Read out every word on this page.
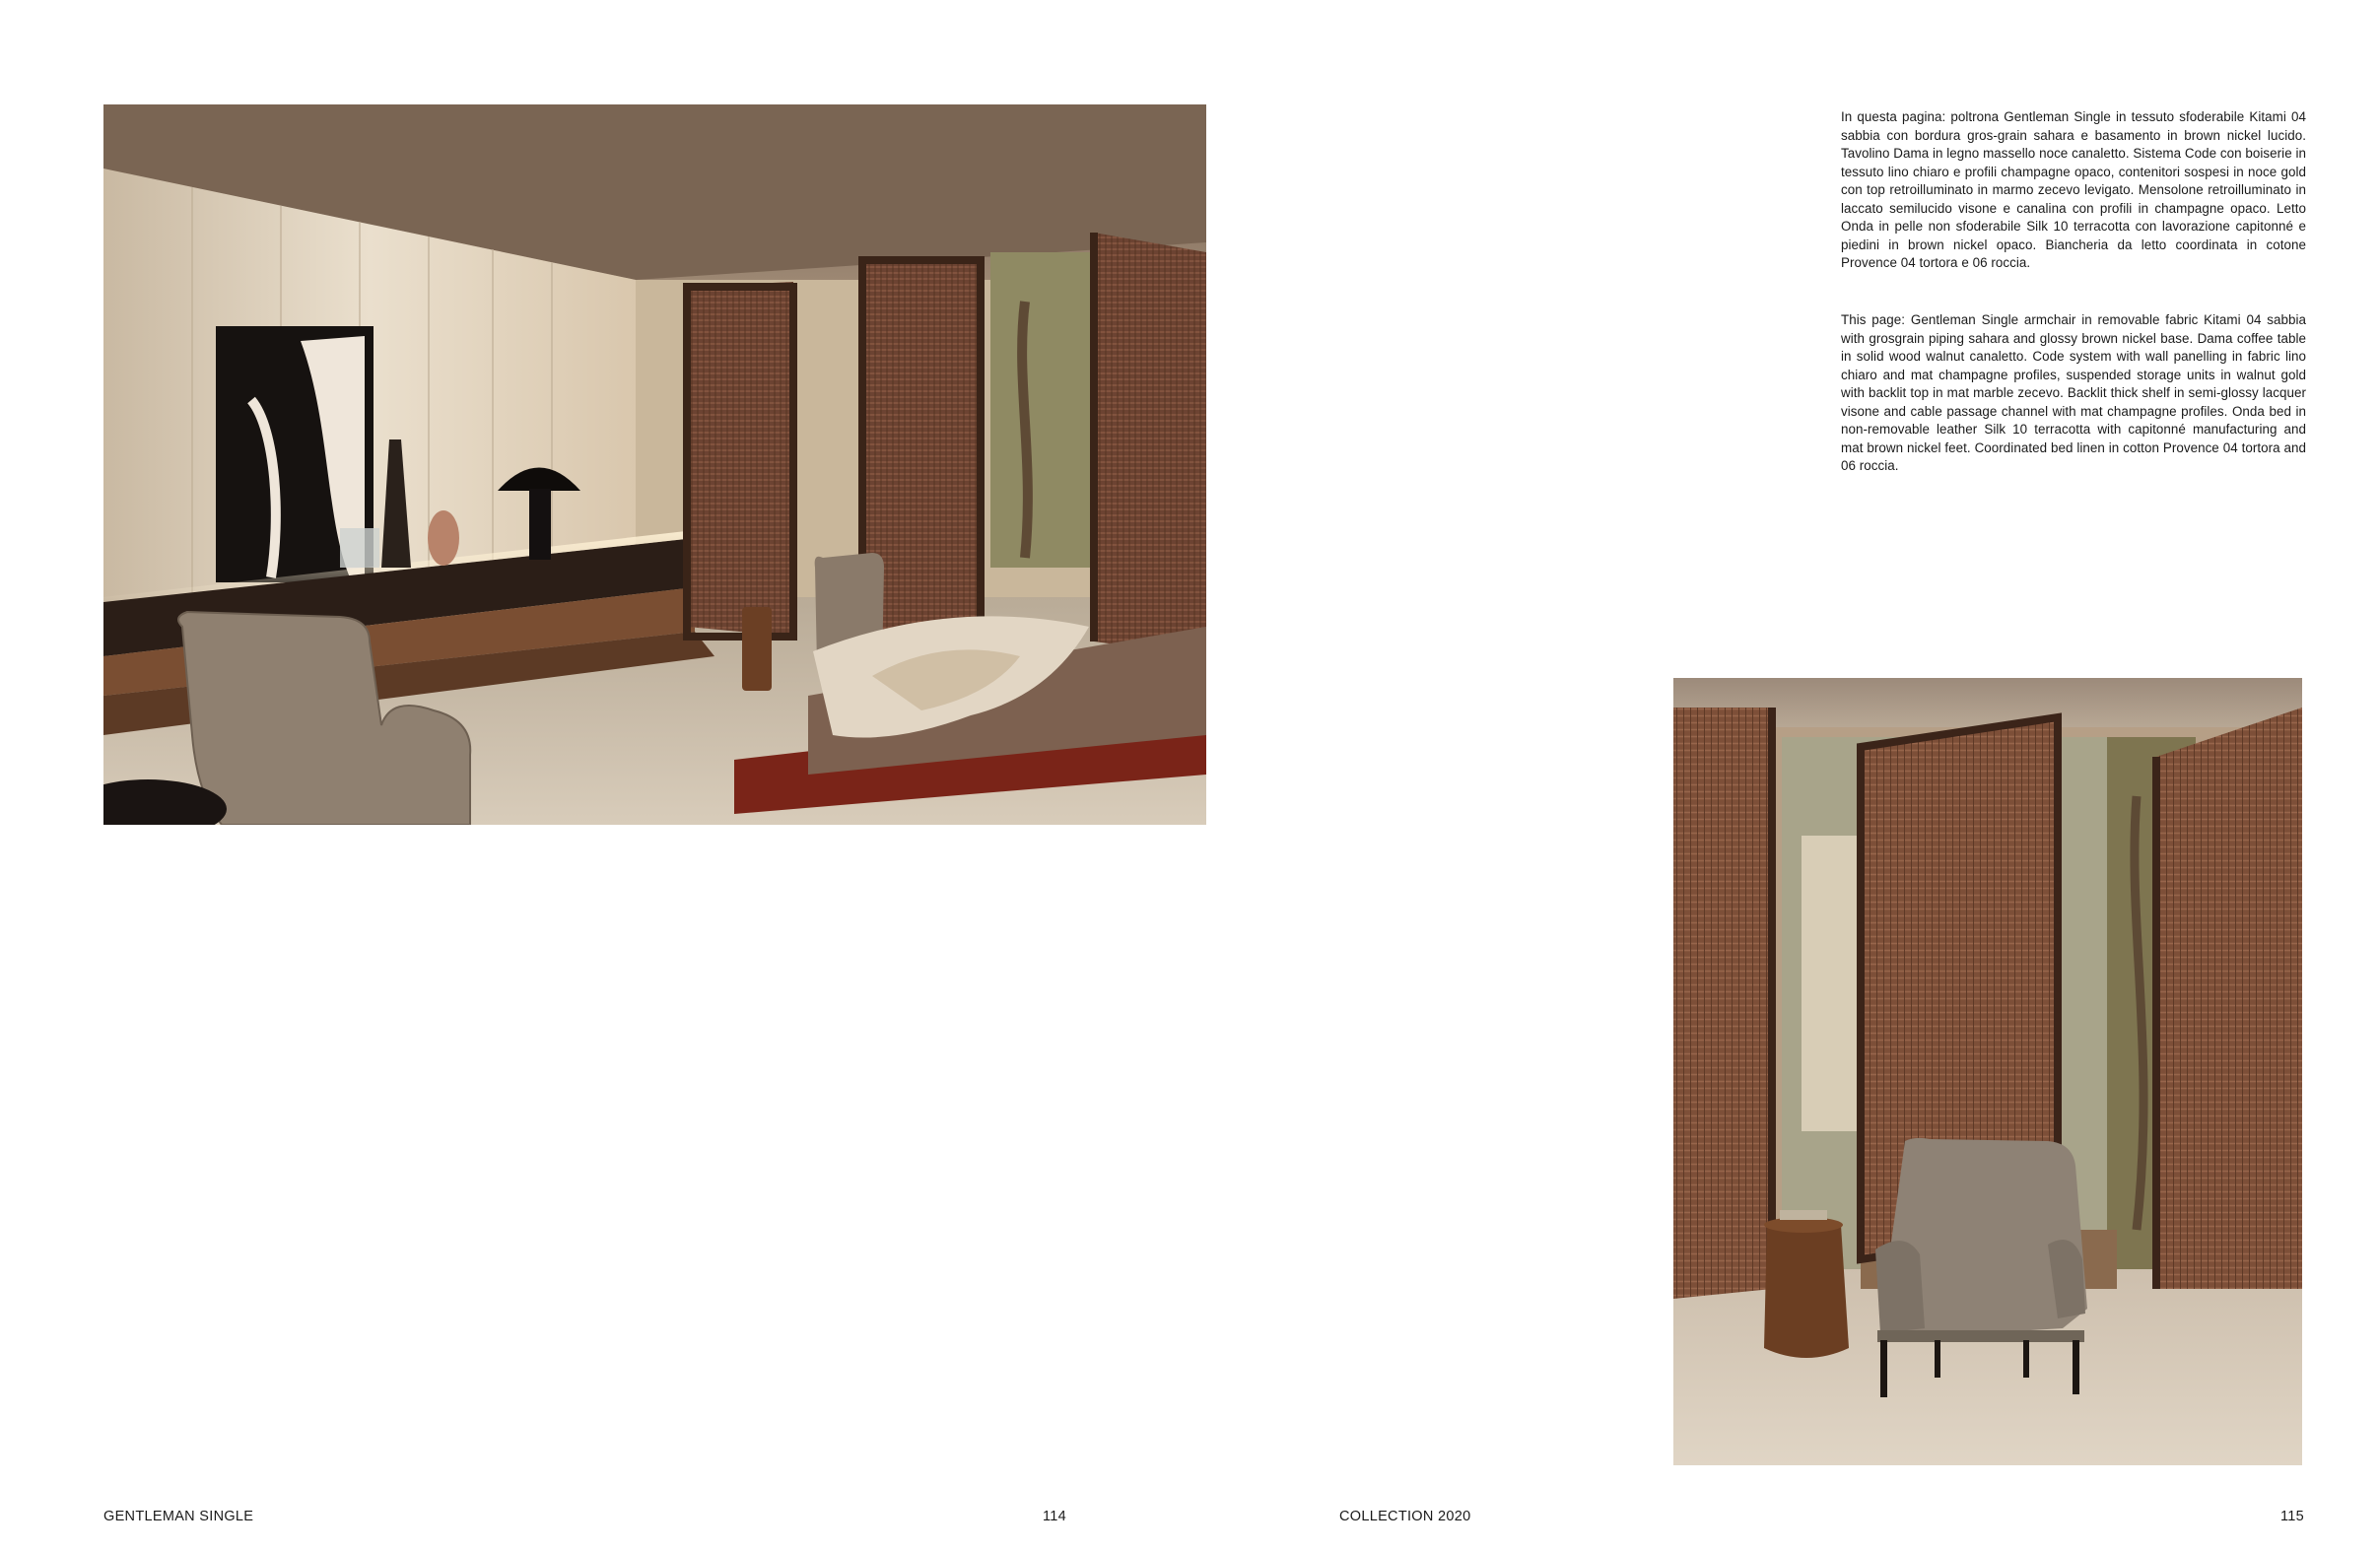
In questa pagina: poltrona Gentleman Single in tessuto sfoderabile Kitami 04 sabbia con bordura gros-grain sahara e basamento in brown nickel lucido. Tavolino Dama in legno massello noce canaletto. Sistema Code con boiserie in tessuto lino chiaro e profili champagne opaco, contenitori sospesi in noce gold con top retroilluminato in marmo zecevo levigato. Mensolone retroilluminato in laccato semilucido visone e canalina con profili in champagne opaco. Letto Onda in pelle non sfoderabile Silk 10 terracotta con lavorazione capitonné e piedini in brown nickel opaco. Biancheria da letto coordinata in cotone Provence 04 tortora e 06 roccia.

This page: Gentleman Single armchair in removable fabric Kitami 04 sabbia with grosgrain piping sahara and glossy brown nickel base. Dama coffee table in solid wood walnut canaletto. Code system with wall panelling in fabric lino chiaro and mat champagne profiles, suspended storage units in walnut gold with backlit top in mat marble zecevo. Backlit thick shelf in semi-glossy lacquer visone and cable passage channel with mat champagne profiles. Onda bed in non-removable leather Silk 10 terracotta with capitonné manufacturing and mat brown nickel feet. Coordinated bed linen in cotton Provence 04 tortora and 06 roccia.

GENTLEMAN SINGLE	114	COLLECTION 2020	115
